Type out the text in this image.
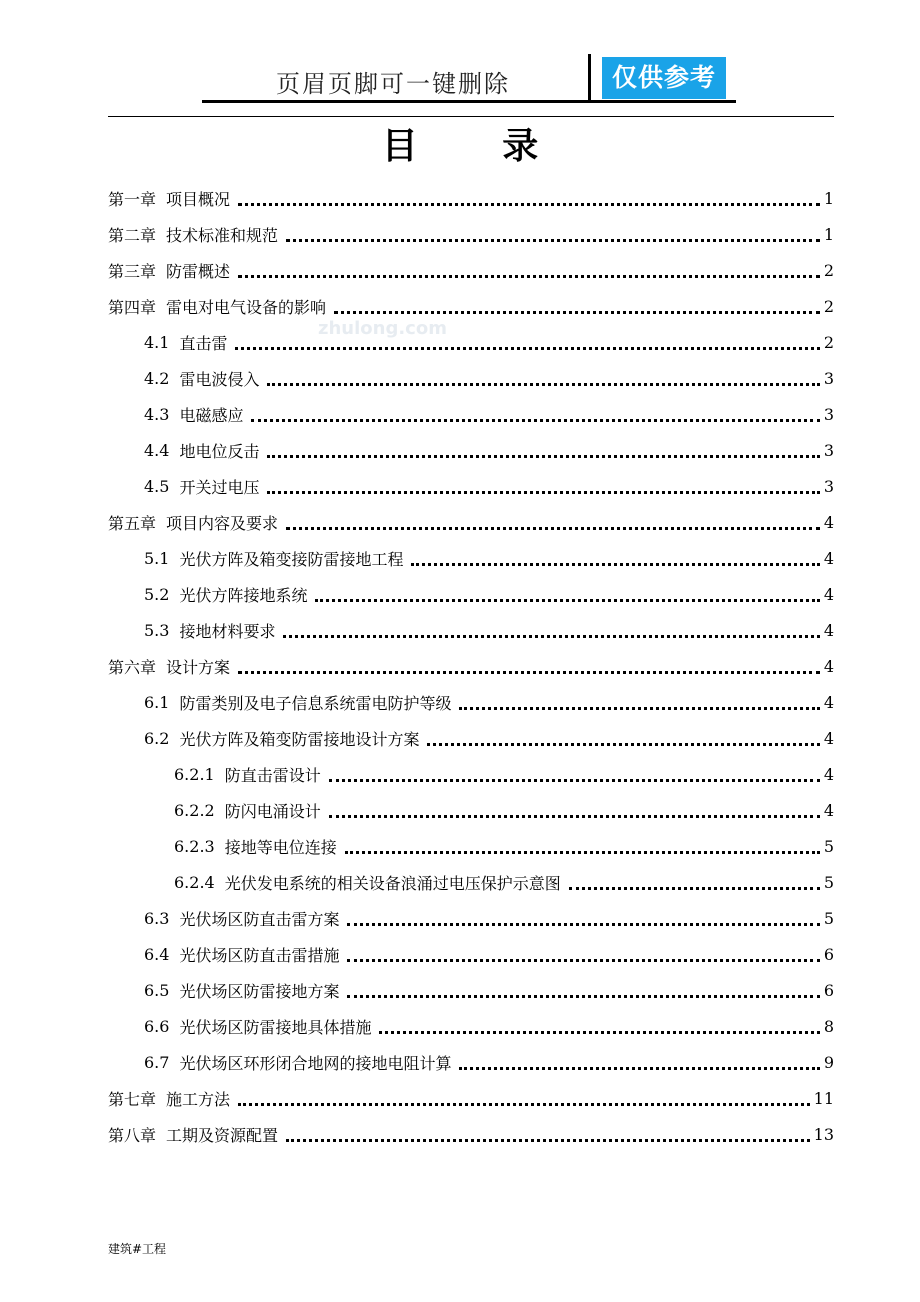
页眉页脚可一键删除	仅供参考
zhulong.com
目 录
第一章 项目概况	1
第二章 技术标准和规范	1
第三章 防雷概述	2
第四章 雷电对电气设备的影响	2
4.1 直击雷	2
4.2 雷电波侵入	3
4.3 电磁感应	3
4.4 地电位反击	3
4.5 开关过电压	3
第五章 项目内容及要求	4
5.1 光伏方阵及箱变接防雷接地工程	4
5.2 光伏方阵接地系统	4
5.3 接地材料要求	4
第六章 设计方案	4
6.1 防雷类别及电子信息系统雷电防护等级	4
6.2 光伏方阵及箱变防雷接地设计方案	4
6.2.1 防直击雷设计	4
6.2.2 防闪电涌设计	4
6.2.3 接地等电位连接	5
6.2.4 光伏发电系统的相关设备浪涌过电压保护示意图	5
6.3 光伏场区防直击雷方案	5
6.4 光伏场区防直击雷措施	6
6.5 光伏场区防雷接地方案	6
6.6 光伏场区防雷接地具体措施	8
6.7 光伏场区环形闭合地网的接地电阻计算	9
第七章 施工方法	11
第八章 工期及资源配置	13
建筑#工程
